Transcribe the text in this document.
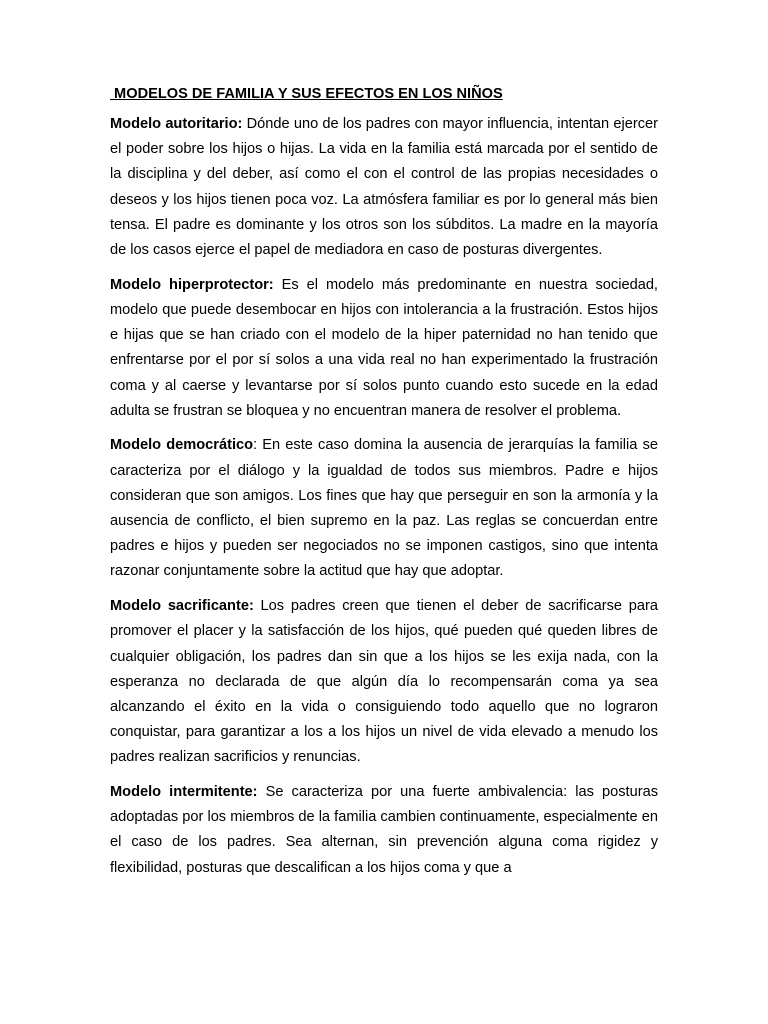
MODELOS DE FAMILIA Y SUS EFECTOS EN LOS NIÑOS

Modelo autoritario: Dónde uno de los padres con mayor influencia, intentan ejercer el poder sobre los hijos o hijas. La vida en la familia está marcada por el sentido de la disciplina y del deber, así como el con el control de las propias necesidades o deseos y los hijos tienen poca voz. La atmósfera familiar es por lo general más bien tensa. El padre es dominante y los otros son los súbditos. La madre en la mayoría de los casos ejerce el papel de mediadora en caso de posturas divergentes.

Modelo hiperprotector: Es el modelo más predominante en nuestra sociedad, modelo que puede desembocar en hijos con intolerancia a la frustración. Estos hijos e hijas que se han criado con el modelo de la hiper paternidad no han tenido que enfrentarse por el por sí solos a una vida real no han experimentado la frustración coma y al caerse y levantarse por sí solos punto cuando esto sucede en la edad adulta se frustran se bloquea y no encuentran manera de resolver el problema.

Modelo democrático: En este caso domina la ausencia de jerarquías la familia se caracteriza por el diálogo y la igualdad de todos sus miembros. Padre e hijos consideran que son amigos. Los fines que hay que perseguir en son la armonía y la ausencia de conflicto, el bien supremo en la paz. Las reglas se concuerdan entre padres e hijos y pueden ser negociados no se imponen castigos, sino que intenta razonar conjuntamente sobre la actitud que hay que adoptar.

Modelo sacrificante: Los padres creen que tienen el deber de sacrificarse para promover el placer y la satisfacción de los hijos, qué pueden qué queden libres de cualquier obligación, los padres dan sin que a los hijos se les exija nada, con la esperanza no declarada de que algún día lo recompensarán coma ya sea alcanzando el éxito en la vida o consiguiendo todo aquello que no lograron conquistar, para garantizar a los a los hijos un nivel de vida elevado a menudo los padres realizan sacrificios y renuncias.

Modelo intermitente: Se caracteriza por una fuerte ambivalencia: las posturas adoptadas por los miembros de la familia cambien continuamente, especialmente en el caso de los padres. Sea alternan, sin prevención alguna coma rigidez y flexibilidad, posturas que descalifican a los hijos coma y que a
